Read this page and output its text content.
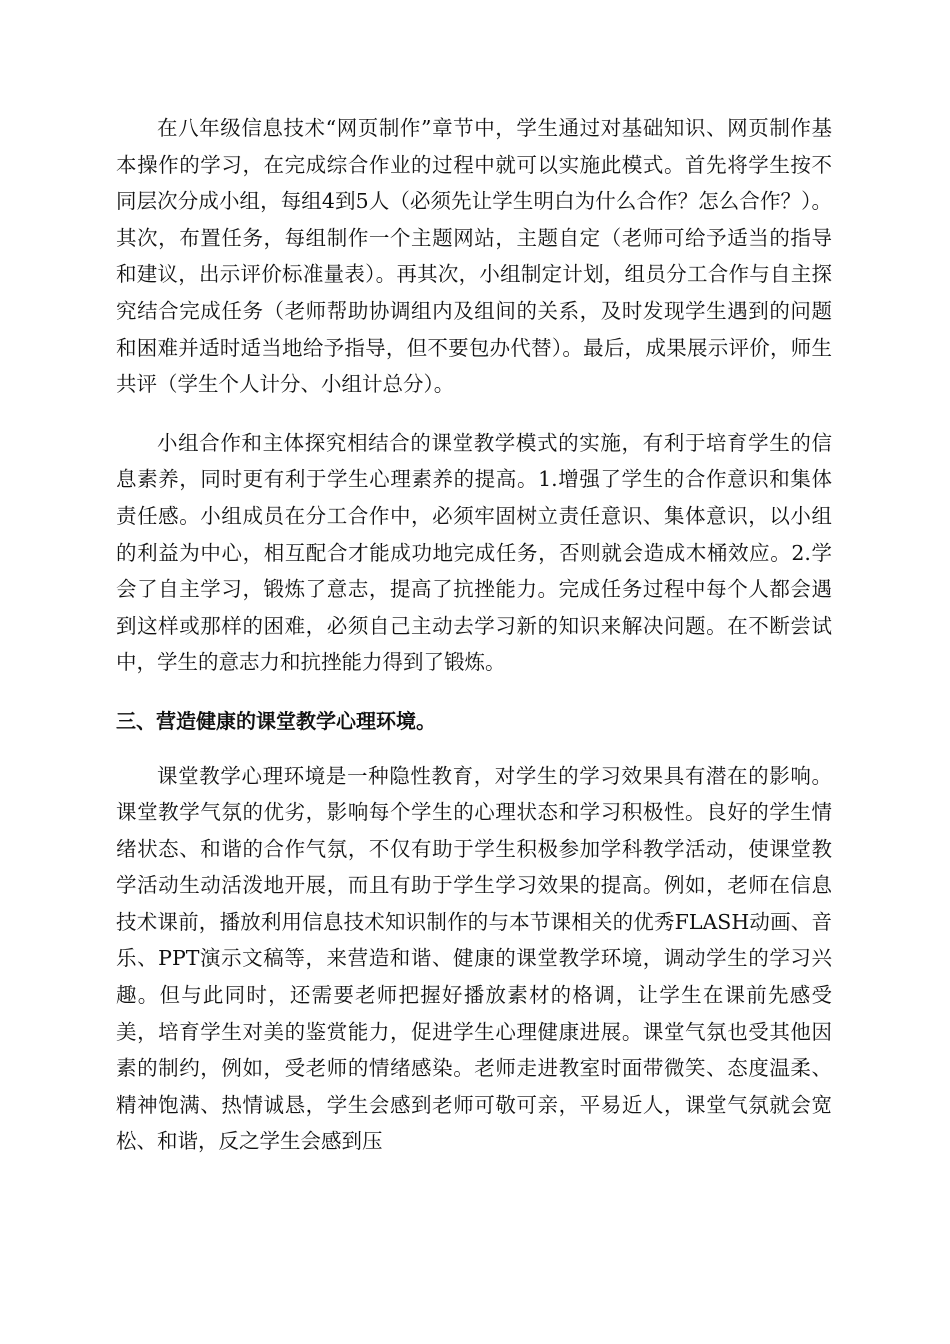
在八年级信息技术“网页制作”章节中，学生通过对基础知识、网页制作基本操作的学习，在完成综合作业的过程中就可以实施此模式。首先将学生按不同层次分成小组，每组4到5人（必须先让学生明白为什么合作？怎么合作？）。其次，布置任务，每组制作一个主题网站，主题自定（老师可给予适当的指导和建议，出示评价标准量表）。再其次，小组制定计划，组员分工合作与自主探究结合完成任务（老师帮助协调组内及组间的关系，及时发现学生遇到的问题和困难并适时适当地给予指导，但不要包办代替）。最后，成果展示评价，师生共评（学生个人计分、小组计总分）。

小组合作和主体探究相结合的课堂教学模式的实施，有利于培育学生的信息素养，同时更有利于学生心理素养的提高。1.增强了学生的合作意识和集体责任感。小组成员在分工合作中，必须牢固树立责任意识、集体意识，以小组的利益为中心，相互配合才能成功地完成任务，否则就会造成木桶效应。2.学会了自主学习，锻炼了意志，提高了抗挫能力。完成任务过程中每个人都会遇到这样或那样的困难，必须自己主动去学习新的知识来解决问题。在不断尝试中，学生的意志力和抗挫能力得到了锻炼。

三、营造健康的课堂教学心理环境。

课堂教学心理环境是一种隐性教育，对学生的学习效果具有潜在的影响。课堂教学气氛的优劣，影响每个学生的心理状态和学习积极性。良好的学生情绪状态、和谐的合作气氛，不仅有助于学生积极参加学科教学活动，使课堂教学活动生动活泼地开展，而且有助于学生学习效果的提高。例如，老师在信息技术课前，播放利用信息技术知识制作的与本节课相关的优秀FLASH动画、音乐、PPT演示文稿等，来营造和谐、健康的课堂教学环境，调动学生的学习兴趣。但与此同时，还需要老师把握好播放素材的格调，让学生在课前先感受美，培育学生对美的鉴赏能力，促进学生心理健康进展。课堂气氛也受其他因素的制约，例如，受老师的情绪感染。老师走进教室时面带微笑、态度温柔、精神饱满、热情诚恳，学生会感到老师可敬可亲，平易近人，课堂气氛就会宽松、和谐，反之学生会感到压
